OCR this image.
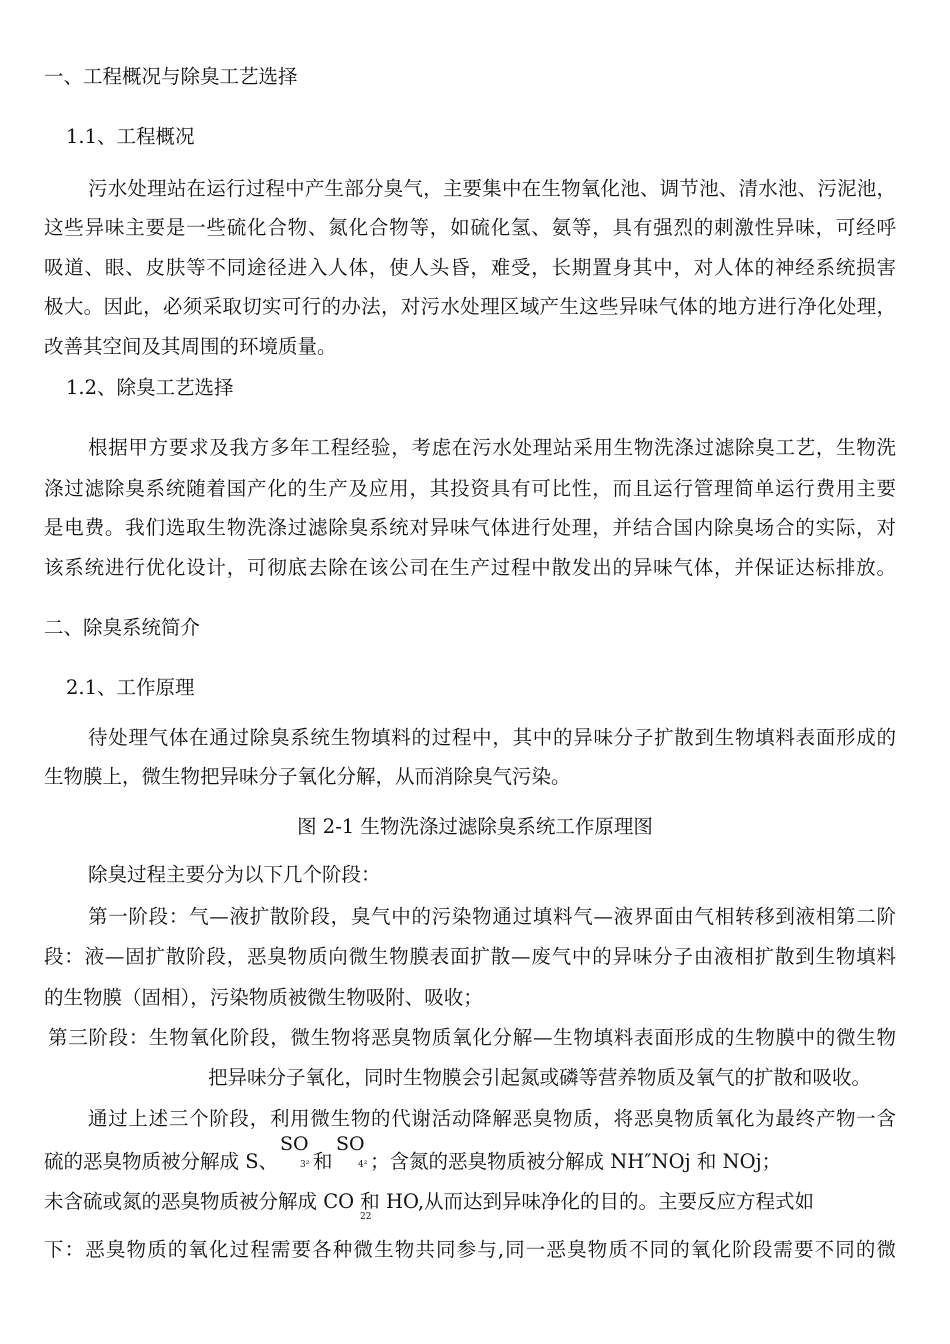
一、工程概况与除臭工艺选择
1.1、工程概况
污水处理站在运行过程中产生部分臭气，主要集中在生物氧化池、调节池、清水池、污泥池，
这些异味主要是一些硫化合物、氮化合物等，如硫化氢、氨等，具有强烈的刺激性异味，可经呼
吸道、眼、皮肤等不同途径进入人体，使人头昏，难受，长期置身其中，对人体的神经系统损害
极大。因此，必须采取切实可行的办法，对污水处理区域产生这些异味气体的地方进行净化处理，
改善其空间及其周围的环境质量。
1.2、除臭工艺选择
根据甲方要求及我方多年工程经验，考虑在污水处理站采用生物洗涤过滤除臭工艺，生物洗
涤过滤除臭系统随着国产化的生产及应用，其投资具有可比性，而且运行管理简单运行费用主要
是电费。我们选取生物洗涤过滤除臭系统对异味气体进行处理，并结合国内除臭场合的实际，对
该系统进行优化设计，可彻底去除在该公司在生产过程中散发出的异味气体，并保证达标排放。
二、除臭系统简介
2.1、工作原理
待处理气体在通过除臭系统生物填料的过程中，其中的异味分子扩散到生物填料表面形成的
生物膜上，微生物把异味分子氧化分解，从而消除臭气污染。
图 2-1 生物洗涤过滤除臭系统工作原理图
除臭过程主要分为以下几个阶段：
第一阶段：气—液扩散阶段，臭气中的污染物通过填料气—液界面由气相转移到液相第二阶
段：液—固扩散阶段，恶臭物质向微生物膜表面扩散—废气中的异味分子由液相扩散到生物填料
的生物膜（固相），污染物质被微生物吸附、吸收；
第三阶段：生物氧化阶段，微生物将恶臭物质氧化分解—生物填料表面形成的生物膜中的微生物
把异味分子氧化，同时生物膜会引起氮或磷等营养物质及氧气的扩散和吸收。
通过上述三个阶段，利用微生物的代谢活动降解恶臭物质，将恶臭物质氧化为最终产物一含
SO SO
硫的恶臭物质被分解成 S、 3² 和	4² ；含氮的恶臭物质被分解成 NH″NOj 和 NOj；
未含硫或氮的恶臭物质被分解成 CO 和 HO,从而达到异味净化的目的。主要反应方程式如
22
下：恶臭物质的氧化过程需要各种微生物共同参与,同一恶臭物质不同的氧化阶段需要不同的微
